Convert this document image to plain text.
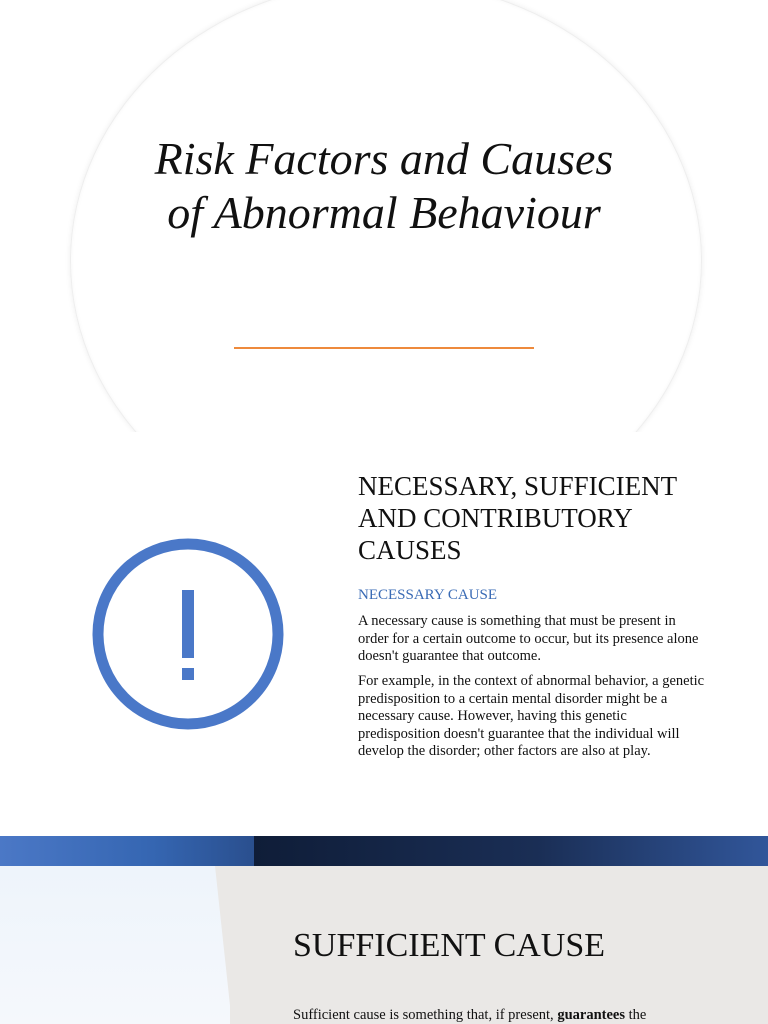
Risk Factors and Causes
of Abnormal Behaviour
NECESSARY, SUFFICIENT
AND CONTRIBUTORY
CAUSES
NECESSARY CAUSE

A necessary cause is something that must be present in order for a certain outcome to occur, but its presence alone doesn't guarantee that outcome.

For example, in the context of abnormal behavior, a genetic predisposition to a certain mental disorder might be a necessary cause. However, having this genetic predisposition doesn't guarantee that the individual will develop the disorder; other factors are also at play.

SUFFICIENT CAUSE
Sufficient cause is something that, if present, guarantees the
